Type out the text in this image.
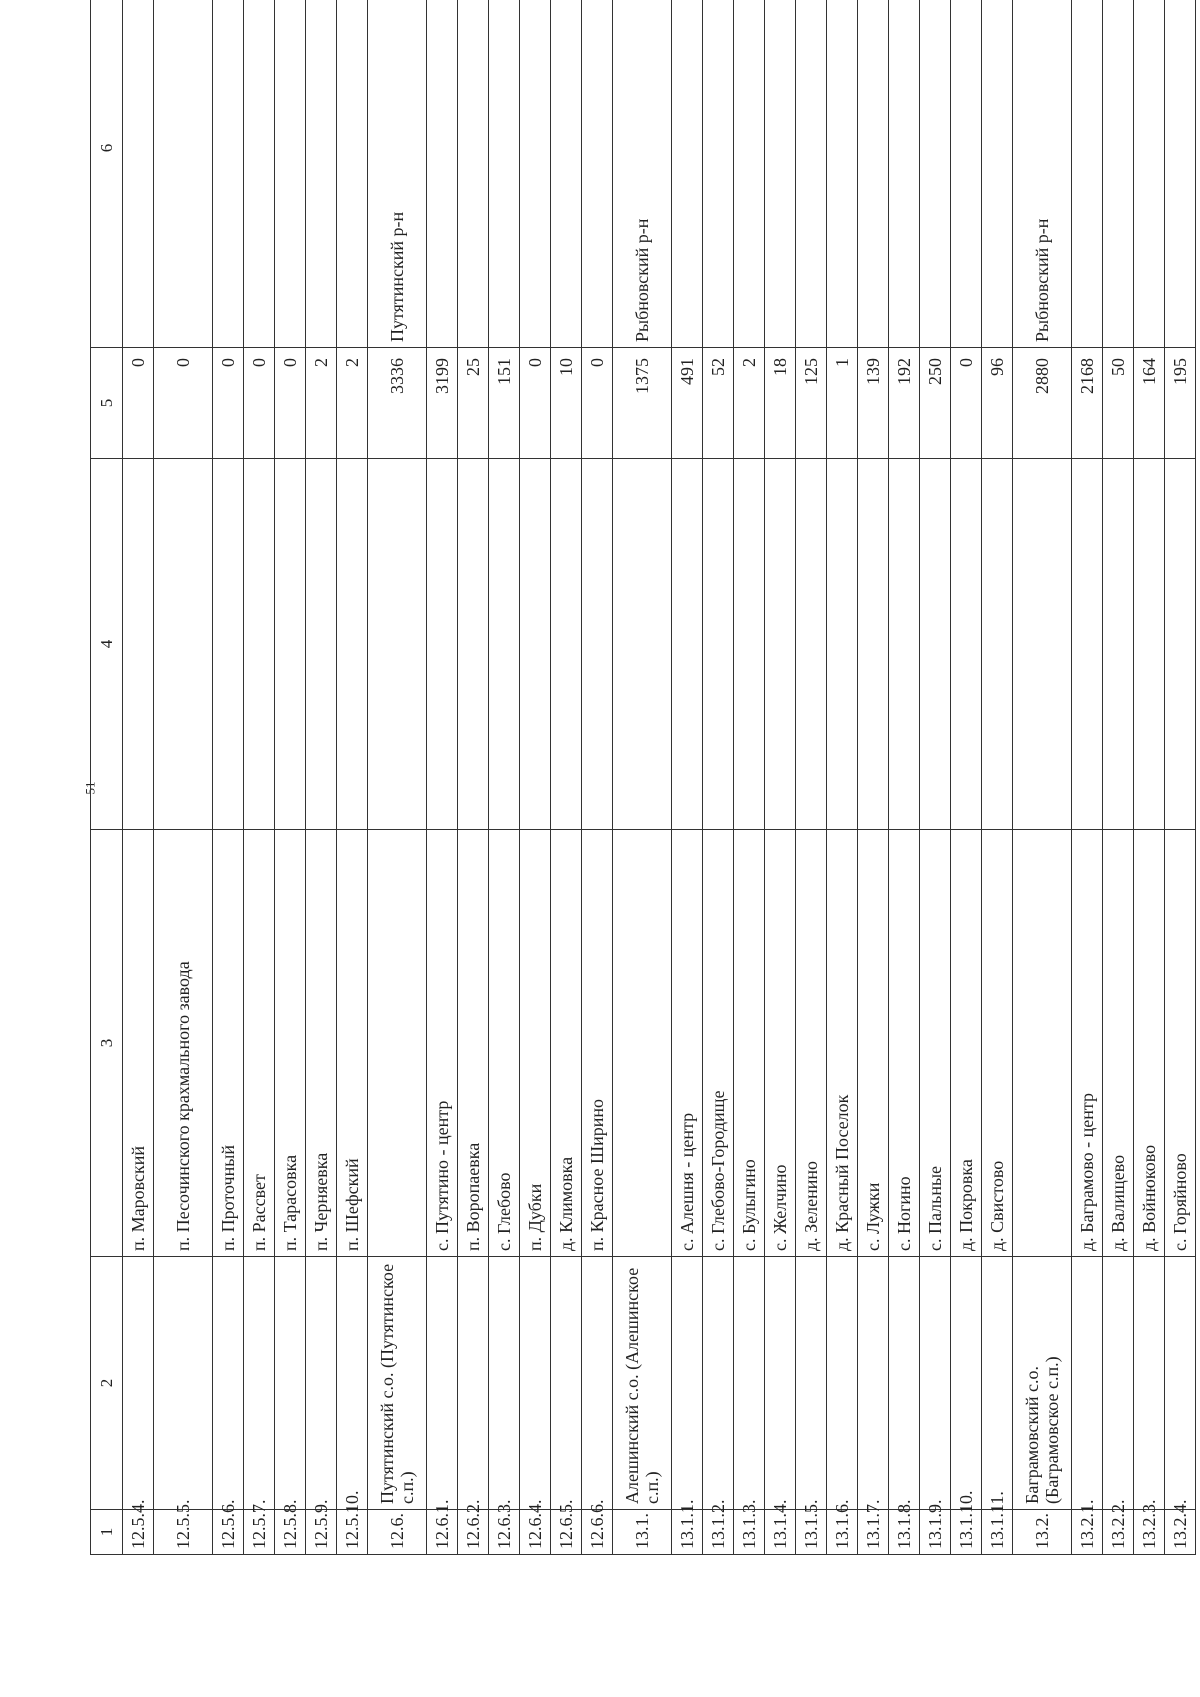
51
1	2	3	4	5	6
12.5.4.		п. Маровский		0	
12.5.5.		п. Песочинского крахмального завода		0	
12.5.6.		п. Проточный		0	
12.5.7.		п. Рассвет		0	
12.5.8.		п. Тарасовка		0	
12.5.9.		п. Черняевка		2	
12.5.10.		п. Шефский		2	
12.6.	Путятинский с.о. (Путятинское с.п.)			3336	Путятинский р-н
12.6.1.		с. Путятино - центр		3199	
12.6.2.		п. Воропаевка		25	
12.6.3.		с. Глебово		151	
12.6.4.		п. Дубки		0	
12.6.5.		д. Климовка		10	
12.6.6.		п. Красное Ширино		0	
13.1.	Алешинский с.о. (Алешинское с.п.)			1375	Рыбновский р-н
13.1.1.		с. Алешня - центр		491	
13.1.2.		с. Глебово-Городище		52	
13.1.3.		с. Булыгино		2	
13.1.4.		с. Желчино		18	
13.1.5.		д. Зеленино		125	
13.1.6.		д. Красный Поселок		1	
13.1.7.		с. Лужки		139	
13.1.8.		с. Ногино		192	
13.1.9.		с. Пальные		250	
13.1.10.		д. Покровка		0	
13.1.11.		д. Свистово		96	
13.2.	Баграмовский с.о. (Баграмовское с.п.)			2880	Рыбновский р-н
13.2.1.		д. Баграмово - центр		2168	
13.2.2.		д. Валищево		50	
13.2.3.		д. Войнюково		164	
13.2.4.		с. Горяйново		195	
